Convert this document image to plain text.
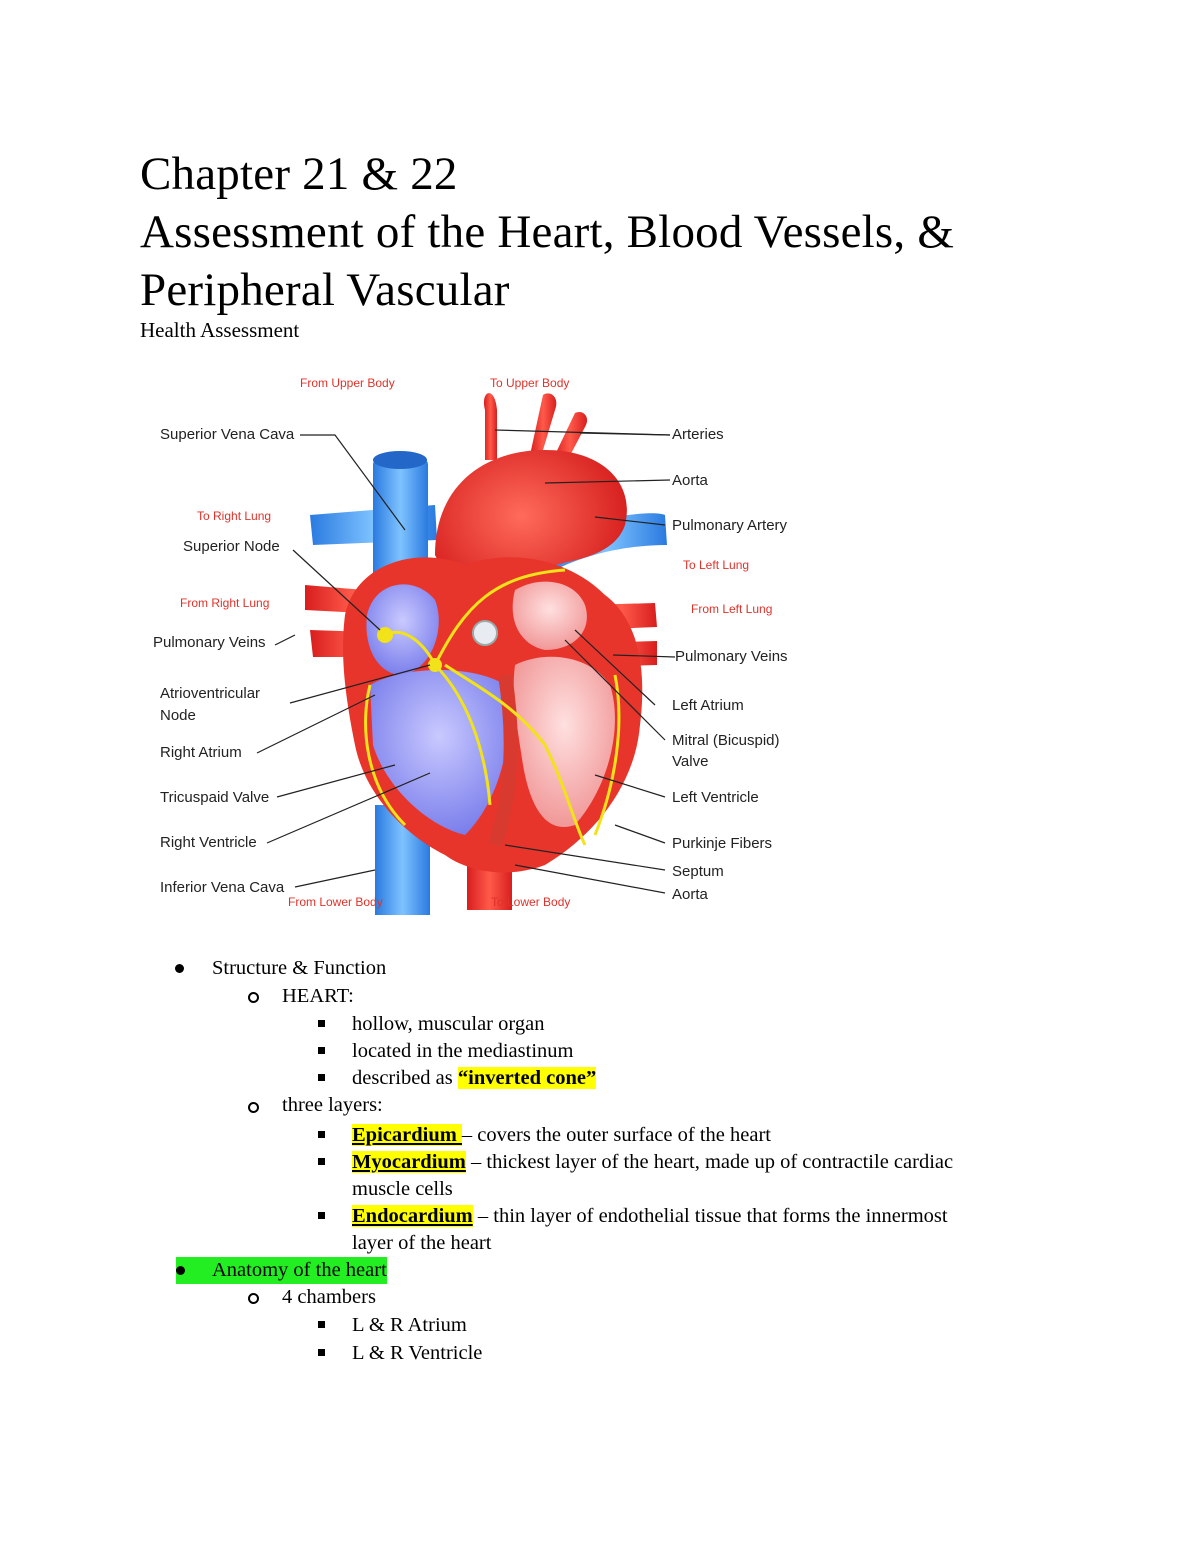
Chapter 21 & 22
Assessment of the Heart, Blood Vessels, &
Peripheral Vascular
Health Assessment
From Upper Body	To Upper Body
Superior Vena Cava	Arteries
Aorta
To Right Lung
Pulmonary Artery
Superior Node
To Left Lung
From Right Lung	From Left Lung
Pulmonary Veins
Pulmonary Veins
Atrioventricular
Node
Left Atrium
Right Atrium
Mitral (Bicuspid)
Valve
Tricuspaid Valve	Left Ventricle
Right Ventricle	Purkinje Fibers
Septum
Inferior Vena Cava	Aorta
From Lower Body	To Lower Body
Structure & Function
HEART:
hollow, muscular organ
located in the mediastinum
described as “inverted cone”
three layers:
Epicardium – covers the outer surface of the heart
Myocardium – thickest layer of the heart, made up of contractile cardiac
muscle cells
Endocardium – thin layer of endothelial tissue that forms the innermost
layer of the heart
Anatomy of the heart
4 chambers
L & R Atrium
L & R Ventricle
